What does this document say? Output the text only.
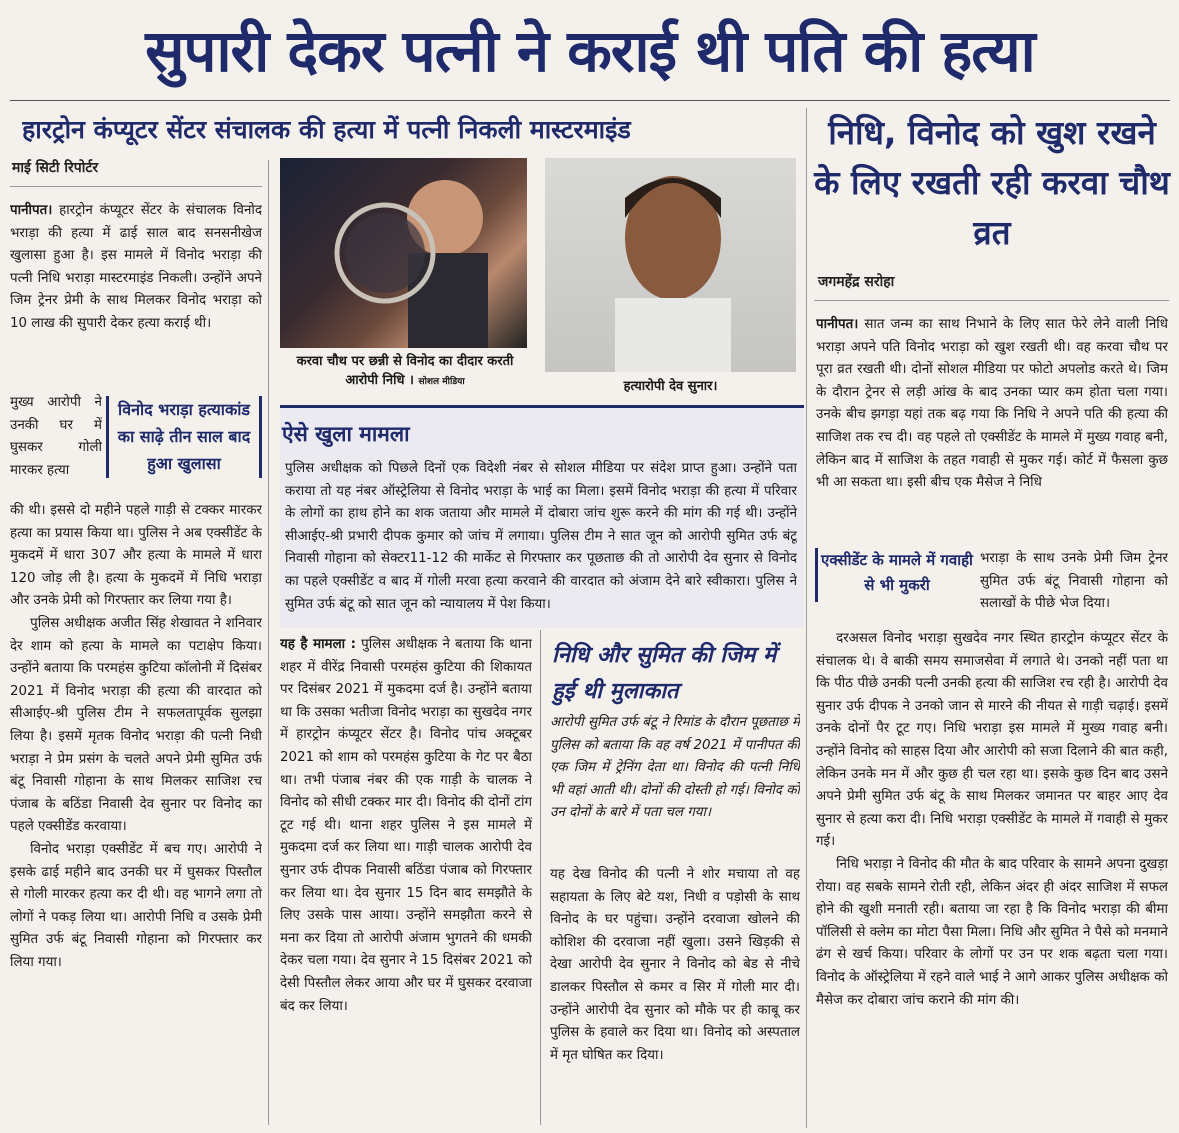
सुपारी देकर पत्नी ने कराई थी पति की हत्या
हारट्रोन कंप्यूटर सेंटर संचालक की हत्या में पत्नी निकली मास्टरमाइंड	निधि, विनोद को खुश रखने के लिए रखती रही करवा चौथ व्रत
माई सिटी रिपोर्टर
जगमहेंद्र सरोहा

पानीपत। हारट्रोन कंप्यूटर सेंटर के संचालक विनोद भराड़ा की हत्या में ढाई साल बाद सनसनीखेज खुलासा हुआ है। इस मामले में विनोद भराड़ा की पत्नी निधि भराड़ा मास्टरमाइंड निकली। उन्होंने अपने जिम ट्रेनर प्रेमी के साथ मिलकर विनोद भराड़ा को 10 लाख की सुपारी देकर हत्या कराई थी।

मुख्य आरोपी ने उनकी घर में घुसकर गोली मारकर हत्या

विनोद भराड़ा हत्याकांड का साढ़े तीन साल बाद हुआ खुलासा

की थी। इससे दो महीने पहले गाड़ी से टक्कर मारकर हत्या का प्रयास किया था। पुलिस ने अब एक्सीडेंट के मुकदमें में धारा 307 और हत्या के मामले में धारा 120 जोड़ ली है। हत्या के मुकदमें में निधि भराड़ा और उनके प्रेमी को गिरफ्तार कर लिया गया है।

पुलिस अधीक्षक अजीत सिंह शेखावत ने शनिवार देर शाम को हत्या के मामले का पटाक्षेप किया। उन्होंने बताया कि परमहंस कुटिया कॉलोनी में दिसंबर 2021 में विनोद भराड़ा की हत्या की वारदात को सीआईए-श्री पुलिस टीम ने सफलतापूर्वक सुलझा लिया है। इसमें मृतक विनोद भराड़ा की पत्नी निधी भराड़ा ने प्रेम प्रसंग के चलते अपने प्रेमी सुमित उर्फ बंटू निवासी गोहाना के साथ मिलकर साजिश रच पंजाब के बठिंडा निवासी देव सुनार पर विनोद का पहले एक्सीडेंड करवाया।

विनोद भराड़ा एक्सीडेंट में बच गए। आरोपी ने इसके ढाई महीने बाद उनकी घर में घुसकर पिस्तौल से गोली मारकर हत्या कर दी थी। वह भागने लगा तो लोगों ने पकड़ लिया था। आरोपी निधि व उसके प्रेमी सुमित उर्फ बंटू निवासी गोहाना को गिरफ्तार कर लिया गया।

करवा चौथ पर छन्नी से विनोद का दीदार करती आरोपी निधि । सोशल मीडिया	हत्यारोपी देव सुनार।
ऐसे खुला मामला

पुलिस अधीक्षक को पिछले दिनों एक विदेशी नंबर से सोशल मीडिया पर संदेश प्राप्त हुआ। उन्होंने पता कराया तो यह नंबर ऑस्ट्रेलिया से विनोद भराड़ा के भाई का मिला। इसमें विनोद भराड़ा की हत्या में परिवार के लोगों का हाथ होने का शक जताया और मामले में दोबारा जांच शुरू करने की मांग की गई थी। उन्होंने सीआईए-श्री प्रभारी दीपक कुमार को जांच में लगाया। पुलिस टीम ने सात जून को आरोपी सुमित उर्फ बंटू निवासी गोहाना को सेक्टर11-12 की मार्केट से गिरफ्तार कर पूछताछ की तो आरोपी देव सुनार से विनोद का पहले एक्सीडेंट व बाद में गोली मरवा हत्या करवाने की वारदात को अंजाम देने बारे स्वीकारा। पुलिस ने सुमित उर्फ बंटू को सात जून को न्यायालय में पेश किया।

यह है मामला : पुलिस अधीक्षक ने बताया कि थाना शहर में वीरेंद्र निवासी परमहंस कुटिया की शिकायत पर दिसंबर 2021 में मुकदमा दर्ज है। उन्होंने बताया था कि उसका भतीजा विनोद भराड़ा का सुखदेव नगर में हारट्रोन कंप्यूटर सेंटर है। विनोद पांच अक्टूबर 2021 को शाम को परमहंस कुटिया के गेट पर बैठा था। तभी पंजाब नंबर की एक गाड़ी के चालक ने विनोद को सीधी टक्कर मार दी। विनोद की दोनों टांग टूट गई थी। थाना शहर पुलिस ने इस मामले में मुकदमा दर्ज कर लिया था। गाड़ी चालक आरोपी देव सुनार उर्फ दीपक निवासी बठिंडा पंजाब को गिरफ्तार कर लिया था। देव सुनार 15 दिन बाद समझौते के लिए उसके पास आया। उन्होंने समझौता करने से मना कर दिया तो आरोपी अंजाम भुगतने की धमकी देकर चला गया। देव सुनार ने 15 दिसंबर 2021 को देसी पिस्तौल लेकर आया और घर में घुसकर दरवाजा बंद कर लिया।

निधि और सुमित की जिम में हुई थी मुलाकात

आरोपी सुमित उर्फ बंटू ने रिमांड के दौरान पूछताछ में पुलिस को बताया कि वह वर्ष 2021 में पानीपत की एक जिम में ट्रेनिंग देता था। विनोद की पत्नी निधि भी वहां आती थी। दोनों की दोस्ती हो गई। विनोद को उन दोनों के बारे में पता चल गया।

यह देख विनोद की पत्नी ने शोर मचाया तो वह सहायता के लिए बेटे यश, निधी व पड़ोसी के साथ विनोद के घर पहुंचा। उन्होंने दरवाजा खोलने की कोशिश की दरवाजा नहीं खुला। उसने खिड़की से देखा आरोपी देव सुनार ने विनोद को बेड से नीचे डालकर पिस्तौल से कमर व सिर में गोली मार दी। उन्होंने आरोपी देव सुनार को मौके पर ही काबू कर पुलिस के हवाले कर दिया था। विनोद को अस्पताल में मृत घोषित कर दिया।

पानीपत। सात जन्म का साथ निभाने के लिए सात फेरे लेने वाली निधि भराड़ा अपने पति विनोद भराड़ा को खुश रखती थी। वह करवा चौथ पर पूरा व्रत रखती थी। दोनों सोशल मीडिया पर फोटो अपलोड करते थे। जिम के दौरान ट्रेनर से लड़ी आंख के बाद उनका प्यार कम होता चला गया। उनके बीच झगड़ा यहां तक बढ़ गया कि निधि ने अपने पति की हत्या की साजिश तक रच दी। वह पहले तो एक्सीडेंट के मामले में मुख्य गवाह बनी, लेकिन बाद में साजिश के तहत गवाही से मुकर गई। कोर्ट में फैसला कुछ भी आ सकता था। इसी बीच एक मैसेज ने निधि

एक्सीडेंट के मामले में गवाही से भी मुकरी

भराड़ा के साथ उनके प्रेमी जिम ट्रेनर सुमित उर्फ बंटू निवासी गोहाना को सलाखों के पीछे भेज दिया।

दरअसल विनोद भराड़ा सुखदेव नगर स्थित हारट्रोन कंप्यूटर सेंटर के संचालक थे। वे बाकी समय समाजसेवा में लगाते थे। उनको नहीं पता था कि पीठ पीछे उनकी पत्नी उनकी हत्या की साजिश रच रही है। आरोपी देव सुनार उर्फ दीपक ने उनको जान से मारने की नीयत से गाड़ी चढ़ाई। इसमें उनके दोनों पैर टूट गए। निधि भराड़ा इस मामले में मुख्य गवाह बनी। उन्होंने विनोद को साहस दिया और आरोपी को सजा दिलाने की बात कही, लेकिन उनके मन में और कुछ ही चल रहा था। इसके कुछ दिन बाद उसने अपने प्रेमी सुमित उर्फ बंटू के साथ मिलकर जमानत पर बाहर आए देव सुनार से हत्या करा दी। निधि भराड़ा एक्सीडेंट के मामले में गवाही से मुकर गई।

निधि भराड़ा ने विनोद की मौत के बाद परिवार के सामने अपना दुखड़ा रोया। वह सबके सामने रोती रही, लेकिन अंदर ही अंदर साजिश में सफल होने की खुशी मनाती रही। बताया जा रहा है कि विनोद भराड़ा की बीमा पॉलिसी से क्लेम का मोटा पैसा मिला। निधि और सुमित ने पैसे को मनमाने ढंग से खर्च किया। परिवार के लोगों पर उन पर शक बढ़ता चला गया। विनोद के ऑस्ट्रेलिया में रहने वाले भाई ने आगे आकर पुलिस अधीक्षक को मैसेज कर दोबारा जांच कराने की मांग की।
